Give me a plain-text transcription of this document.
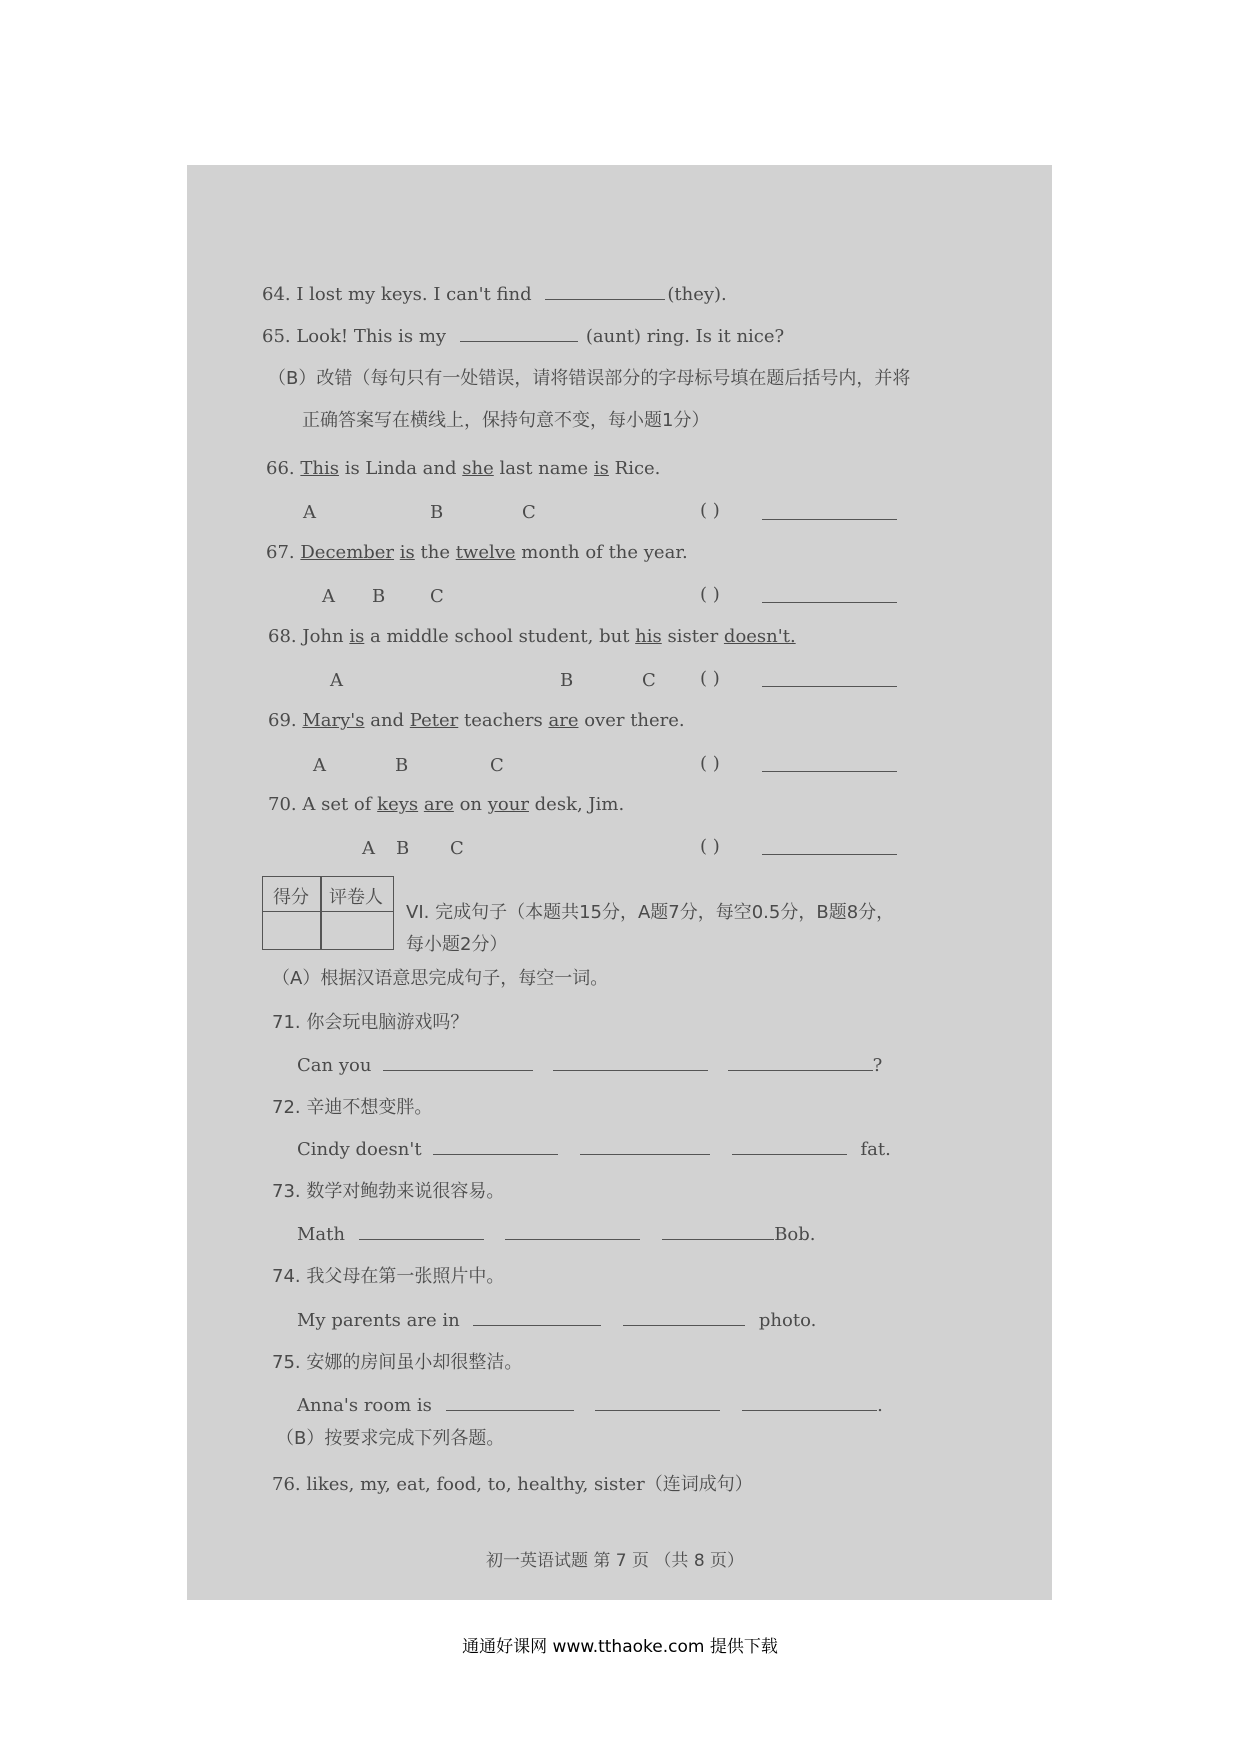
64. I lost my keys. I can't find	(they).
65. Look! This is my	(aunt) ring. Is it nice?
（B）改错（每句只有一处错误，请将错误部分的字母标号填在题后括号内，并将
正确答案写在横线上，保持句意不变，每小题1分）
66. This is Linda and she last name is Rice.
A	B	C	( )
67. December is the twelve month of the year.
A B C	( )
68. John is a middle school student, but his sister doesn't.
A	B	C ( )
69. Mary's and Peter teachers are over there.
A	B	C	( )
70. A set of keys are on your desk, Jim.
A B C	( )
得分 评卷人
VI. 完成句子（本题共15分，A题7分，每空0.5分，B题8分，
每小题2分）
（A）根据汉语意思完成句子，每空一词。
71. 你会玩电脑游戏吗？
Can you	?
72. 辛迪不想变胖。
Cindy doesn't	fat.
73. 数学对鲍勃来说很容易。
Math	Bob.
74. 我父母在第一张照片中。
My parents are in	photo.
75. 安娜的房间虽小却很整洁。
Anna's room is	.
（B）按要求完成下列各题。
76. likes, my, eat, food, to, healthy, sister（连词成句）
初一英语试题 第 7 页 （共 8 页）
通通好课网 www.tthaoke.com 提供下载
